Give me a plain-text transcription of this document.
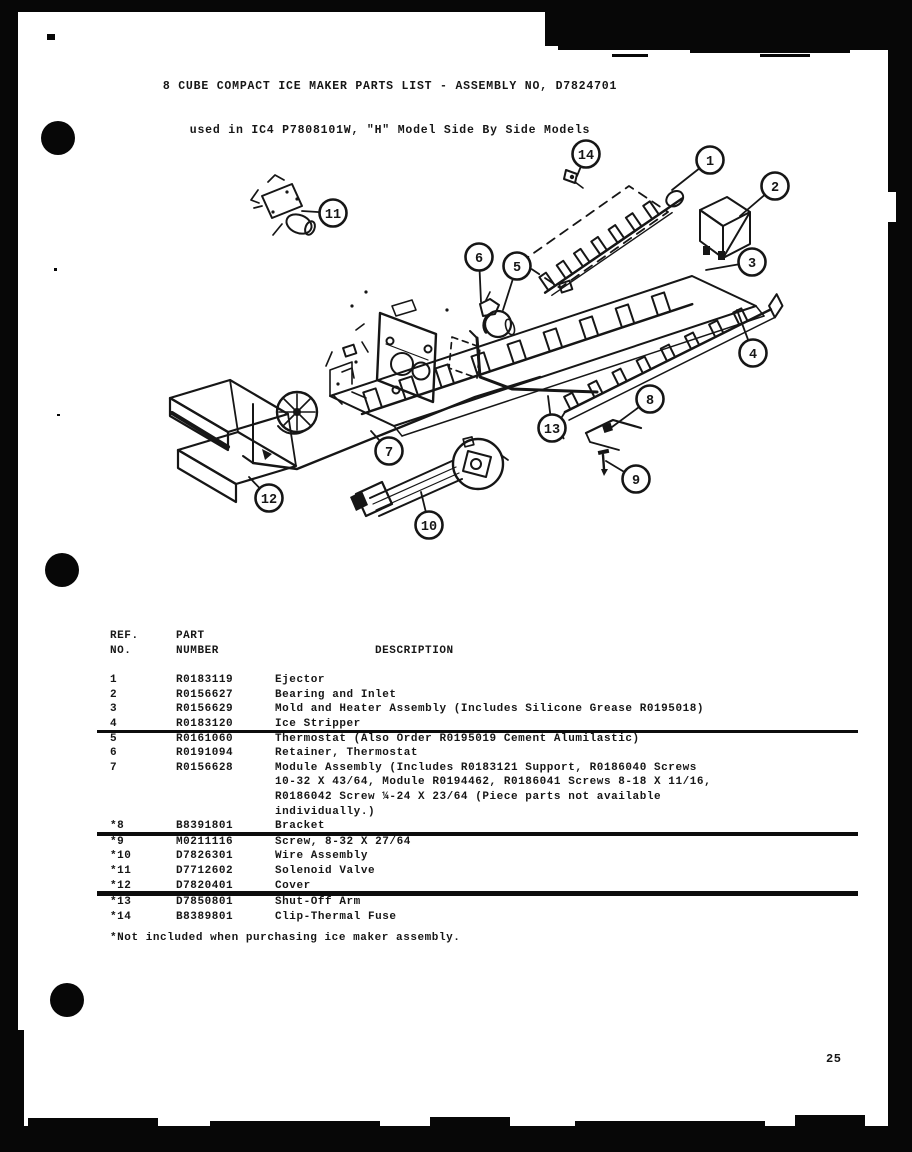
8 CUBE COMPACT ICE MAKER PARTS LIST - ASSEMBLY NO, D7824701

used in IC4 P7808101W, "H" Model Side By Side Models

1
2
3
4
5
6
7
8
9
10
11
12
13
14
REF.	PART
NO.	NUMBER	DESCRIPTION
1	R0183119	Ejector
2	R0156627	Bearing and Inlet
3	R0156629	Mold and Heater Assembly (Includes Silicone Grease R0195018)
4	R0183120	Ice Stripper
5	R0161060	Thermostat (Also Order R0195019 Cement Alumilastic)
6	R0191094	Retainer, Thermostat
7	R0156628	Module Assembly (Includes R0183121 Support, R0186040 Screws
10-32 X 43/64, Module R0194462, R0186041 Screws 8-18 X 11/16,
R0186042 Screw ¼-24 X 23/64 (Piece parts not available
individually.)
*8	B8391801	Bracket
*9	M0211116	Screw, 8-32 X 27/64
*10	D7826301	Wire Assembly
*11	D7712602	Solenoid Valve
*12	D7820401	Cover
*13	D7850801	Shut-Off Arm
*14	B8389801	Clip-Thermal Fuse
*Not included when purchasing ice maker assembly.
25
